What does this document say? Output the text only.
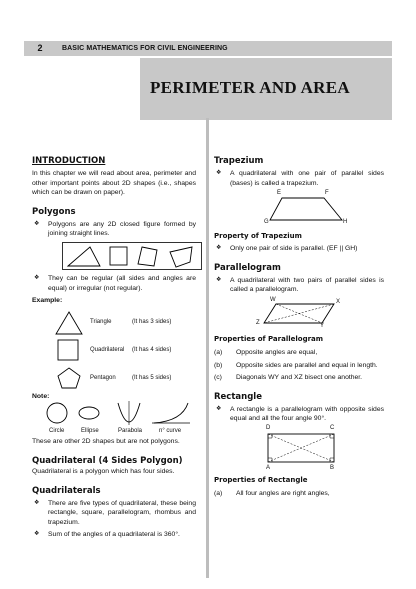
2	BASIC MATHEMATICS FOR CIVIL ENGINEERING
PERIMETER AND AREA
INTRODUCTION
In this chapter we will read about area, perimeter and other important points about 2D shapes (i.e., shapes which can be drawn on paper).
Polygons
❖ Polygons are any 2D closed figure formed by joining straight lines.
❖ They can be regular (all sides and angles are equal) or irregular (not regular).
Example:
Triangle	(It has 3 sides)
Quadrilateral (It has 4 sides)
Pentagon	(It has 5 sides)
Note:
Circle	Ellipse	Parabola	n° curve
These are other 2D shapes but are not polygons.
Quadrilateral (4 Sides Polygon)
Quadrilateral is a polygon which has four sides.
Quadrilaterals
❖ There are five types of quadrilateral, these being rectangle, square, parallelogram, rhombus and trapezium.
❖ Sum of the angles of a quadrilateral is 360°.
Trapezium
❖ A quadrilateral with one pair of parallel sides (bases) is called a trapezium.
E	F
G	H
Property of Trapezium
❖ Only one pair of side is parallel. (EF || GH)
Parallelogram
❖ A quadrilateral with two pairs of parallel sides is called a parallelogram.
W	X
Y
Z
Properties of Parallelogram
(a) Opposite angles are equal,
(b) Opposite sides are parallel and equal in length.
(c) Diagonals WY and XZ bisect one another.
Rectangle
❖ A rectangle is a parallelogram with opposite sides equal and all the four angle 90°.
D	C
A	B
Properties of Rectangle
(a) All four angles are right angles,
